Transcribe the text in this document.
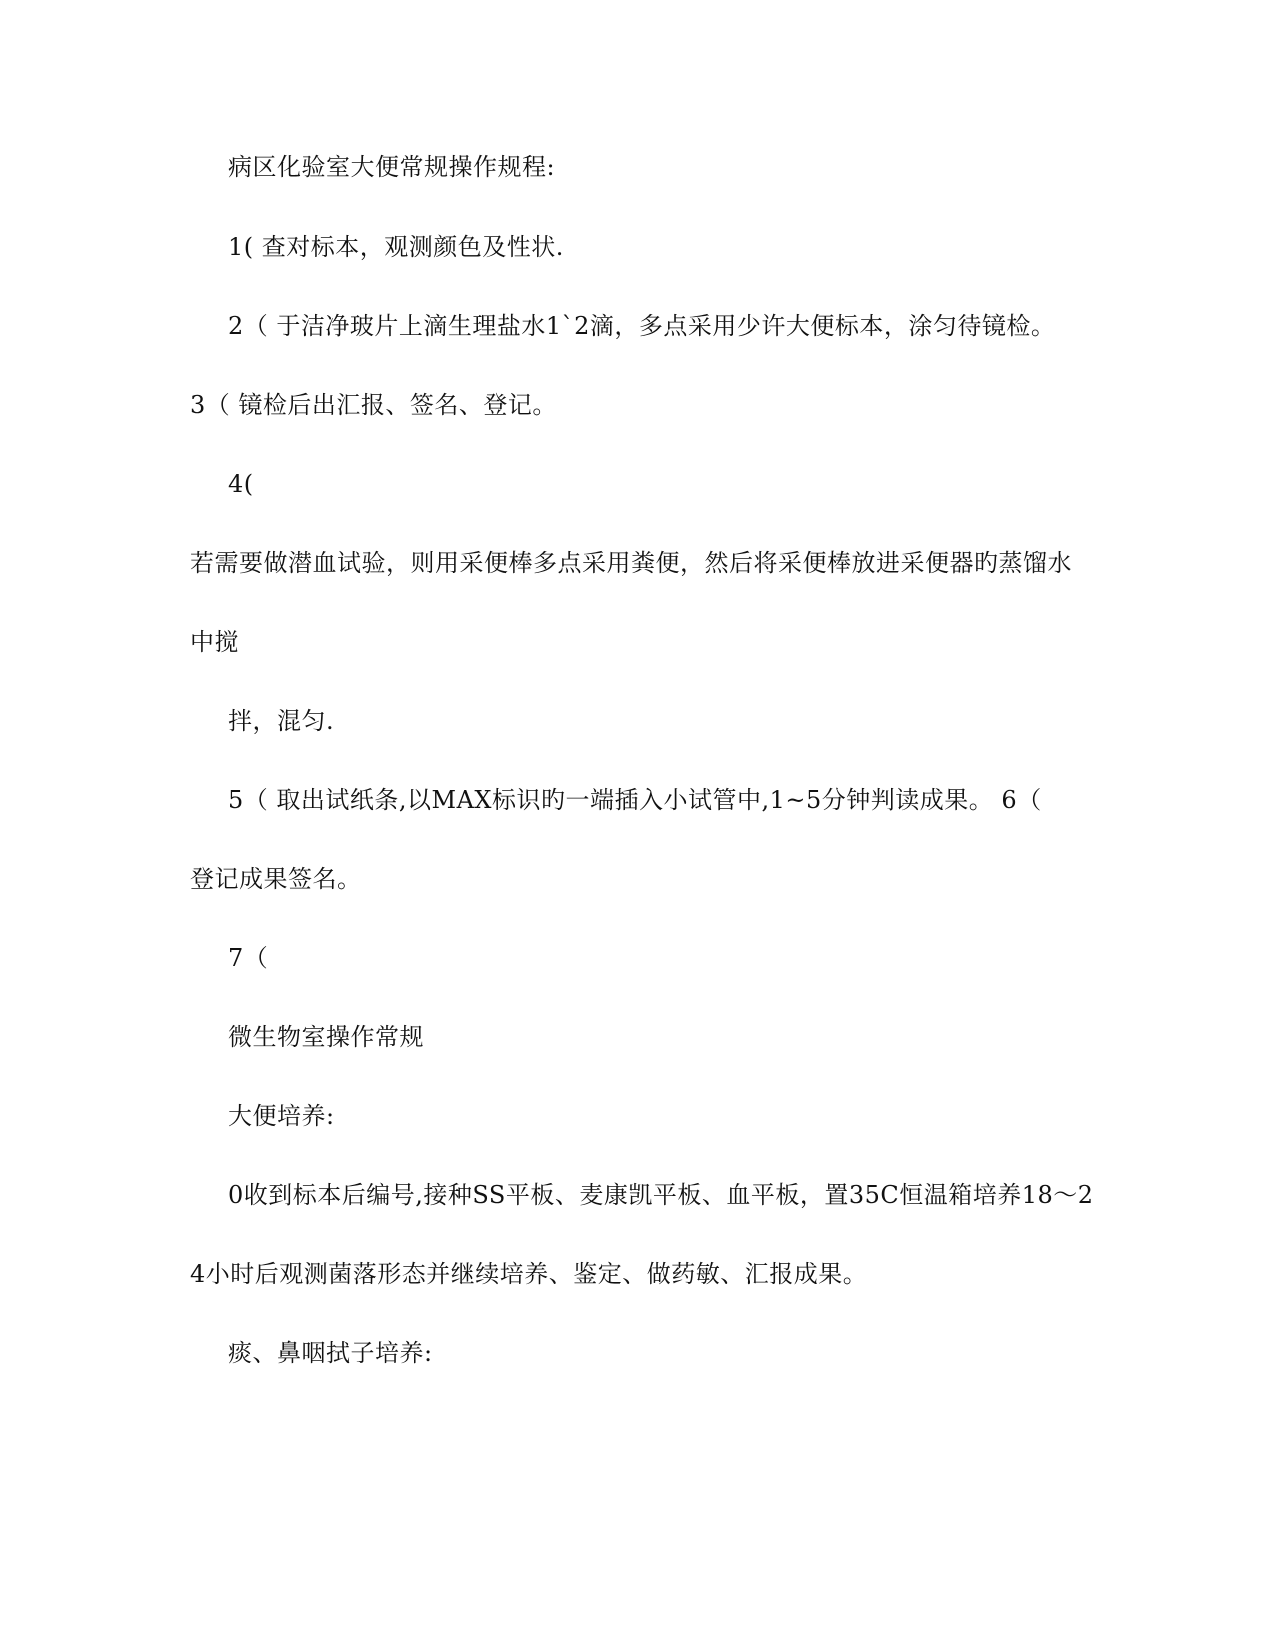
病区化验室大便常规操作规程:
1( 查对标本，观测颜色及性状.
2（ 于洁净玻片上滴生理盐水1`2滴，多点采用少许大便标本，涂匀待镜检。
3（ 镜检后出汇报、签名、登记。
4(
若需要做潜血试验，则用采便棒多点采用粪便，然后将采便棒放进采便器旳蒸馏水
中搅
拌，混匀.
5（ 取出试纸条,以MAX标识旳一端插入小试管中,1~5分钟判读成果。 6（
登记成果签名。
7（
微生物室操作常规
大便培养:
0收到标本后编号,接种SS平板、麦康凯平板、血平板，置35C恒温箱培养18～2
4小时后观测菌落形态并继续培养、鉴定、做药敏、汇报成果。
痰、鼻咽拭子培养:
